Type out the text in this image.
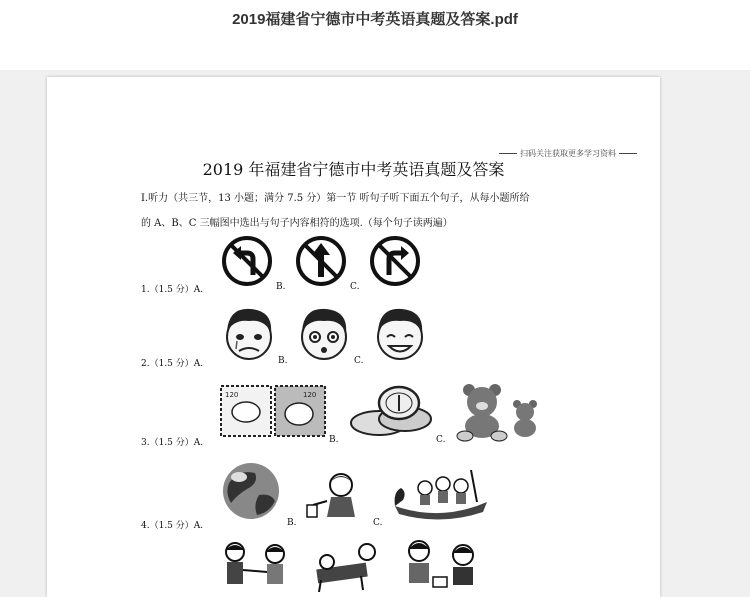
2019福建省宁德市中考英语真题及答案.pdf
扫码关注获取更多学习资料
2019 年福建省宁德市中考英语真题及答案
Ⅰ.听力（共三节，13 小题；满分 7.5 分）第一节 听句子听下面五个句子，从每小题所给
的 A、B、C 三幅图中选出与句子内容相符的选项.（每个句子读两遍）
1.（1.5 分）A.	B.	C.
2.（1.5 分）A.	B.	C.
3.（1.5 分）A.
120	120
B.	C.
4.（1.5 分）A.	B.	C.
